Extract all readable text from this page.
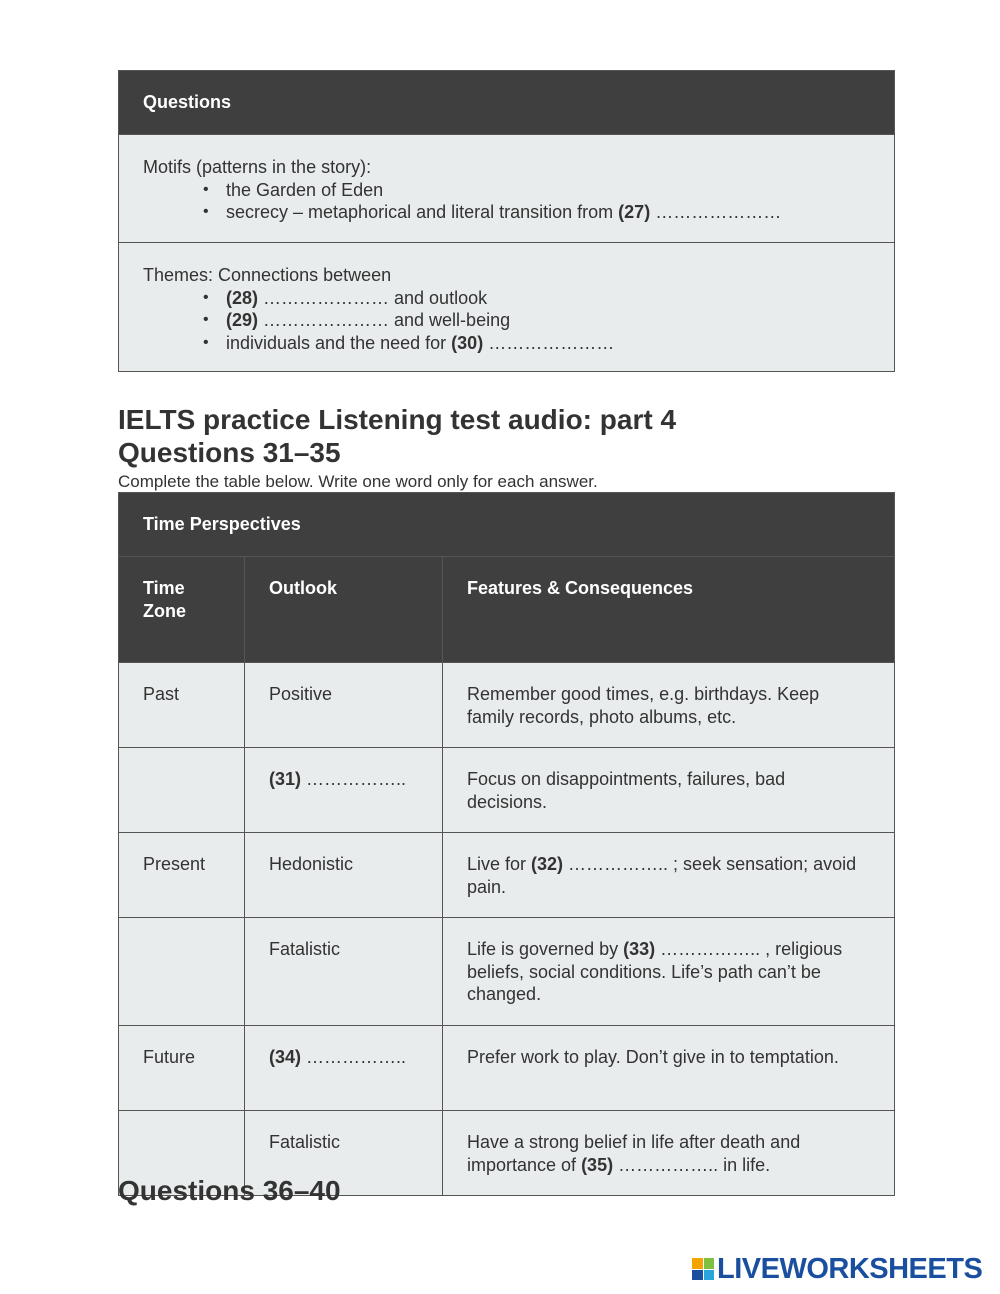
Questions

Motifs (patterns in the story):
• the Garden of Eden
• secrecy – metaphorical and literal transition from (27) …………………

Themes: Connections between
• (28) ………………… and outlook
• (29) ………………… and well-being
• individuals and the need for (30) …………………
IELTS practice Listening test audio: part 4
Questions 31–35

Complete the table below. Write one word only for each answer.

Time Perspectives		
Time Zone	Outlook	Features & Consequences
Past	Positive	Remember good times, e.g. birthdays. Keep family records, photo albums, etc.
	(31) ……………..	Focus on disappointments, failures, bad decisions.
Present	Hedonistic	Live for (32) …………….. ; seek sensation; avoid pain.
	Fatalistic	Life is governed by (33) …………….. , religious beliefs, social conditions. Life’s path can’t be changed.
Future	(34) ……………..	Prefer work to play. Don’t give in to temptation.
	Fatalistic	Have a strong belief in life after death and importance of (35) …………….. in life.
Questions 36–40
LIVEWORKSHEETS
